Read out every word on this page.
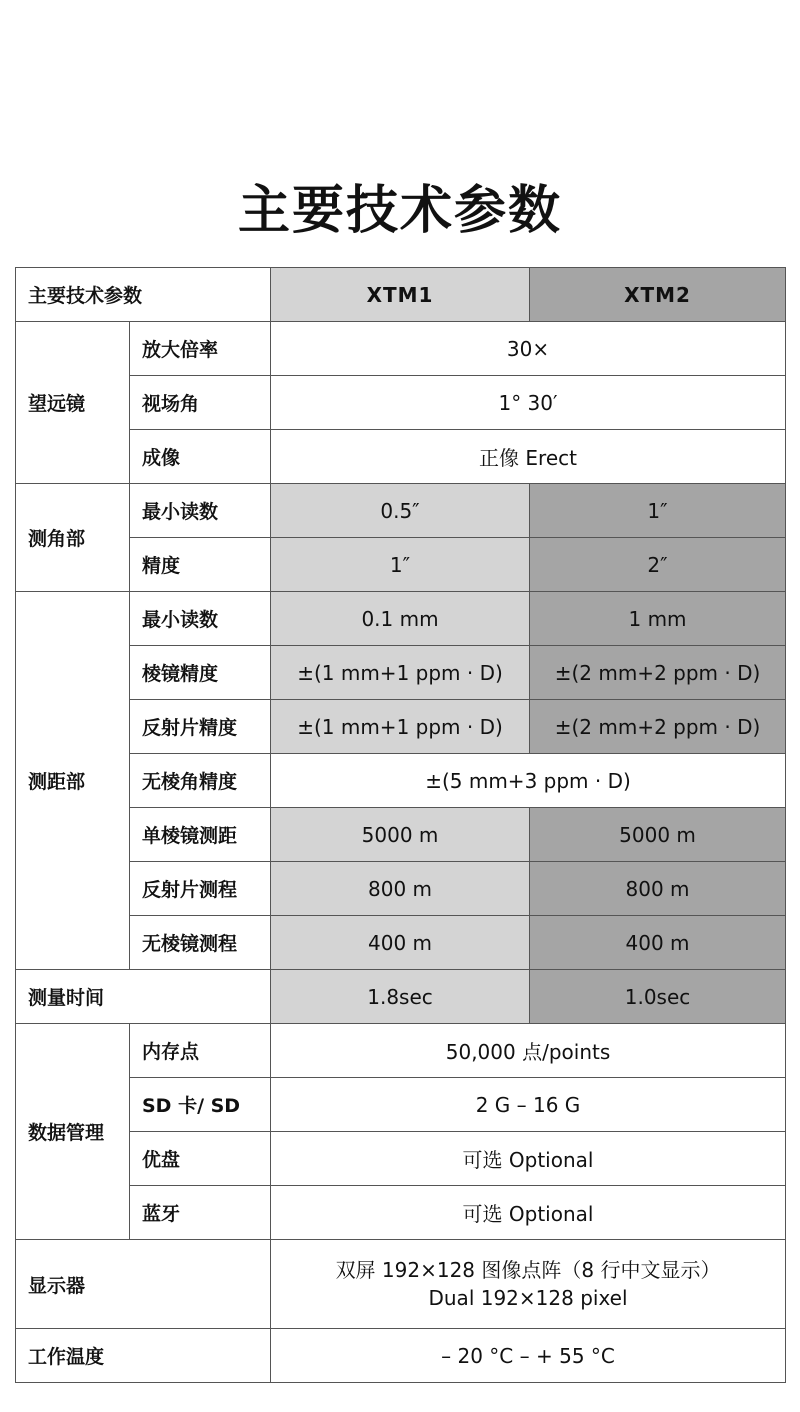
主要技术参数
主要技术参数		XTM1	XTM2
望远镜	放大倍率	30×	
	视场角	1° 30′	
	成像	正像 Erect	
测角部	最小读数	0.5″	1″
	精度	1″	2″
测距部	最小读数	0.1 mm	1 mm
	棱镜精度	±(1 mm+1 ppm · D)	±(2 mm+2 ppm · D)
	反射片精度	±(1 mm+1 ppm · D)	±(2 mm+2 ppm · D)
	无棱角精度	±(5 mm+3 ppm · D)	
	单棱镜测距	5000 m	5000 m
	反射片测程	800 m	800 m
	无棱镜测程	400 m	400 m
测量时间		1.8sec	1.0sec
数据管理	内存点	50,000 点/points	
	SD 卡/ SD	2 G – 16 G	
	优盘	可选 Optional	
	蓝牙	可选 Optional	
显示器		双屏 192×128 图像点阵（8 行中文显示）
Dual 192×128 pixel	

工作温度		– 20 °C – + 55 °C	
